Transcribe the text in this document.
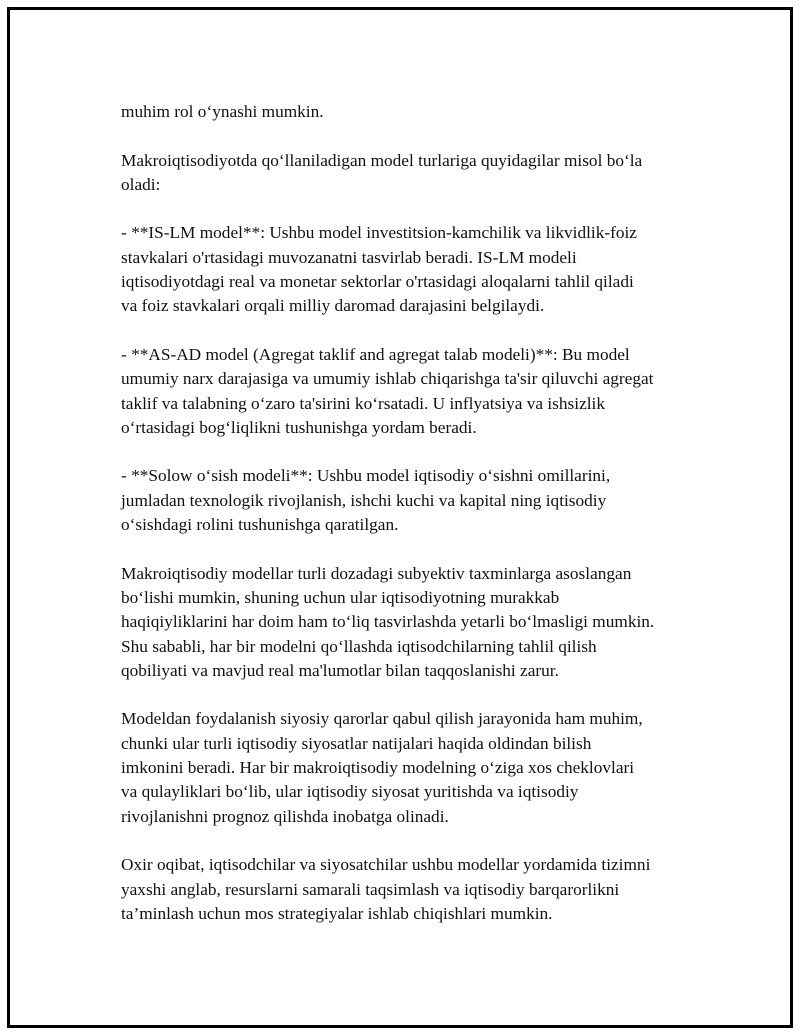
muhim rol o‘ynashi mumkin.

Makroiqtisodiyotda qo‘llaniladigan model turlariga quyidagilar misol bo‘la
oladi:

- **IS-LM model**: Ushbu model investitsion-kamchilik va likvidlik-foiz
stavkalari o'rtasidagi muvozanatni tasvirlab beradi. IS-LM modeli
iqtisodiyotdagi real va monetar sektorlar o'rtasidagi aloqalarni tahlil qiladi
va foiz stavkalari orqali milliy daromad darajasini belgilaydi.

- **AS-AD model (Agregat taklif and agregat talab modeli)**: Bu model
umumiy narx darajasiga va umumiy ishlab chiqarishga ta'sir qiluvchi agregat
taklif va talabning o‘zaro ta'sirini ko‘rsatadi. U inflyatsiya va ishsizlik
o‘rtasidagi bog‘liqlikni tushunishga yordam beradi.

- **Solow o‘sish modeli**: Ushbu model iqtisodiy o‘sishni omillarini,
jumladan texnologik rivojlanish, ishchi kuchi va kapital ning iqtisodiy
o‘sishdagi rolini tushunishga qaratilgan.

Makroiqtisodiy modellar turli dozadagi subyektiv taxminlarga asoslangan
bo‘lishi mumkin, shuning uchun ular iqtisodiyotning murakkab
haqiqiyliklarini har doim ham to‘liq tasvirlashda yetarli bo‘lmasligi mumkin.
Shu sababli, har bir modelni qo‘llashda iqtisodchilarning tahlil qilish
qobiliyati va mavjud real ma'lumotlar bilan taqqoslanishi zarur.

Modeldan foydalanish siyosiy qarorlar qabul qilish jarayonida ham muhim,
chunki ular turli iqtisodiy siyosatlar natijalari haqida oldindan bilish
imkonini beradi. Har bir makroiqtisodiy modelning o‘ziga xos cheklovlari
va qulayliklari bo‘lib, ular iqtisodiy siyosat yuritishda va iqtisodiy
rivojlanishni prognoz qilishda inobatga olinadi.

Oxir oqibat, iqtisodchilar va siyosatchilar ushbu modellar yordamida tizimni
yaxshi anglab, resurslarni samarali taqsimlash va iqtisodiy barqarorlikni
ta’minlash uchun mos strategiyalar ishlab chiqishlari mumkin.
